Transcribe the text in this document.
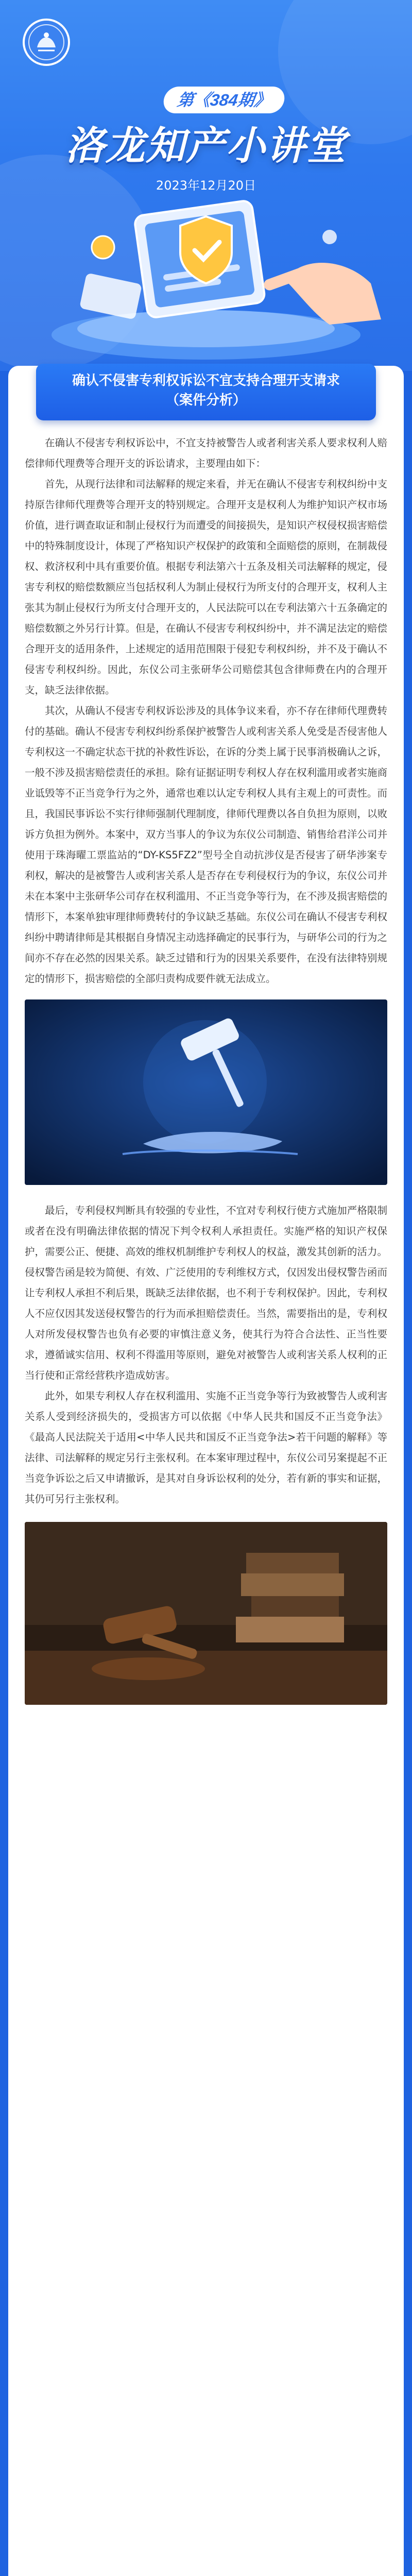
第《384期》
洛龙知产小讲堂
2023年12月20日
确认不侵害专利权诉讼不宜支持合理开支请求
（案件分析）

在确认不侵害专利权诉讼中，不宜支持被警告人或者利害关系人要求权利人赔偿律师代理费等合理开支的诉讼请求，主要理由如下：

首先，从现行法律和司法解释的规定来看，并无在确认不侵害专利权纠纷中支持原告律师代理费等合理开支的特别规定。合理开支是权利人为维护知识产权市场价值，进行调查取证和制止侵权行为而遭受的间接损失，是知识产权侵权损害赔偿中的特殊制度设计，体现了严格知识产权保护的政策和全面赔偿的原则，在制裁侵权、救济权利中具有重要价值。根据专利法第六十五条及相关司法解释的规定，侵害专利权的赔偿数额应当包括权利人为制止侵权行为所支付的合理开支，权利人主张其为制止侵权行为所支付合理开支的，人民法院可以在专利法第六十五条确定的赔偿数额之外另行计算。但是，在确认不侵害专利权纠纷中，并不满足法定的赔偿合理开支的适用条件，上述规定的适用范围限于侵犯专利权纠纷，并不及于确认不侵害专利权纠纷。因此，东仪公司主张研华公司赔偿其包含律师费在内的合理开支，缺乏法律依据。

其次，从确认不侵害专利权诉讼涉及的具体争议来看，亦不存在律师代理费转付的基础。确认不侵害专利权纠纷系保护被警告人或利害关系人免受是否侵害他人专利权这一不确定状态干扰的补救性诉讼，在诉的分类上属于民事消极确认之诉，一般不涉及损害赔偿责任的承担。除有证据证明专利权人存在权利滥用或者实施商业诋毁等不正当竞争行为之外，通常也难以认定专利权人具有主观上的可责性。而且，我国民事诉讼不实行律师强制代理制度，律师代理费以各自负担为原则，以败诉方负担为例外。本案中，双方当事人的争议为东仪公司制造、销售给君洋公司并使用于珠海曜工票监站的“DY-KS5FZ2”型号全自动抗涉仪是否侵害了研华涉案专利权，解决的是被警告人或利害关系人是否存在专利侵权行为的争议，东仪公司并未在本案中主张研华公司存在权利滥用、不正当竞争等行为，在不涉及损害赔偿的情形下，本案单独审理律师费转付的争议缺乏基础。东仪公司在确认不侵害专利权纠纷中聘请律师是其根据自身情况主动选择确定的民事行为，与研华公司的行为之间亦不存在必然的因果关系。缺乏过错和行为的因果关系要件，在没有法律特别规定的情形下，损害赔偿的全部归责构成要件就无法成立。

最后，专利侵权判断具有较强的专业性，不宜对专利权行使方式施加严格限制或者在没有明确法律依据的情况下判令权利人承担责任。实施严格的知识产权保护，需要公正、便捷、高效的维权机制维护专利权人的权益，激发其创新的活力。侵权警告函是较为简便、有效、广泛使用的专利维权方式，仅因发出侵权警告函而让专利权人承担不利后果，既缺乏法律依据，也不利于专利权保护。因此，专利权人不应仅因其发送侵权警告的行为而承担赔偿责任。当然，需要指出的是，专利权人对所发侵权警告也负有必要的审慎注意义务，使其行为符合合法性、正当性要求，遵循诚实信用、权利不得滥用等原则，避免对被警告人或利害关系人权利的正当行使和正常经营秩序造成妨害。

此外，如果专利权人存在权利滥用、实施不正当竞争等行为致被警告人或利害关系人受到经济损失的，受损害方可以依据《中华人民共和国反不正当竞争法》《最高人民法院关于适用<中华人民共和国反不正当竞争法>若干问题的解释》等法律、司法解释的规定另行主张权利。在本案审理过程中，东仪公司另案提起不正当竞争诉讼之后又申请撤诉，是其对自身诉讼权利的处分，若有新的事实和证据，其仍可另行主张权利。
